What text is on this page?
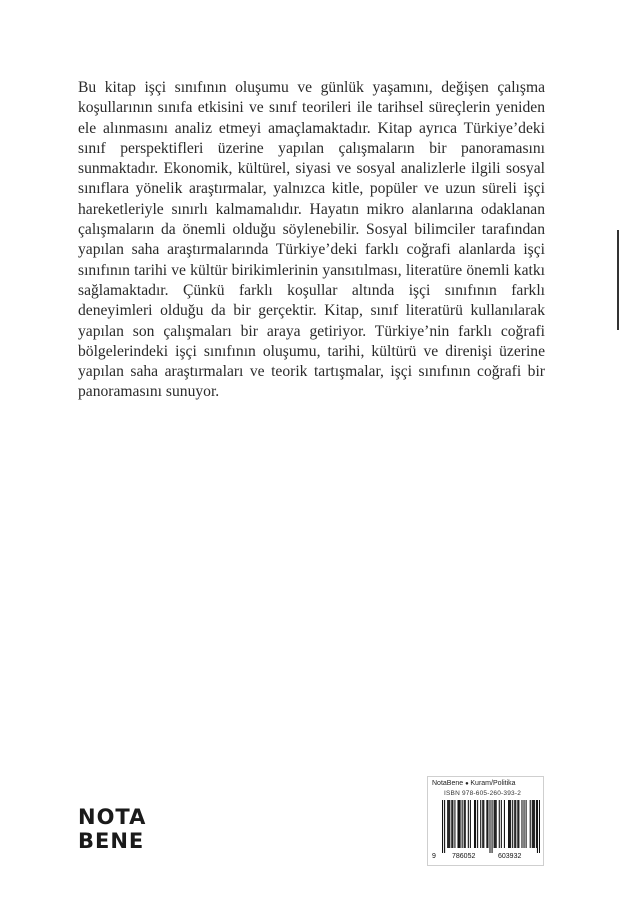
Bu kitap işçi sınıfının oluşumu ve günlük yaşamını, değişen çalışma koşullarının sınıfa etkisini ve sınıf teorileri ile tarihsel süreçlerin yeniden ele alınmasını analiz etmeyi amaçlamaktadır. Kitap ayrıca Türkiye’deki sınıf perspektifleri üzerine yapılan çalışmaların bir panoramasını sunmaktadır. Ekonomik, kültürel, siyasi ve sosyal analizlerle ilgili sosyal sınıflara yönelik araştırmalar, yalnızca kitle, popüler ve uzun süreli işçi hareketleriyle sınırlı kalmamalıdır. Hayatın mikro alanlarına odaklanan çalışmaların da önemli olduğu söylenebilir. Sosyal bilimciler tarafından yapılan saha araştırmalarında Türkiye’deki farklı coğrafi alanlarda işçi sınıfının tarihi ve kültür birikimlerinin yansıtılması, literatüre önemli katkı sağlamaktadır. Çünkü farklı koşullar altında işçi sınıfının farklı deneyimleri olduğu da bir gerçektir. Kitap, sınıf literatürü kullanılarak yapılan son çalışmaları bir araya getiriyor. Türkiye’nin farklı coğrafi bölgelerindeki işçi sınıfının oluşumu, tarihi, kültürü ve direnişi üzerine yapılan saha araştırmaları ve teorik tartışmalar, işçi sınıfının coğrafi bir panoramasını sunuyor.

NOTA
BENE
NotaBene ● Kuram/Politika
ISBN 978-605-260-393-2
9 786052	603932
